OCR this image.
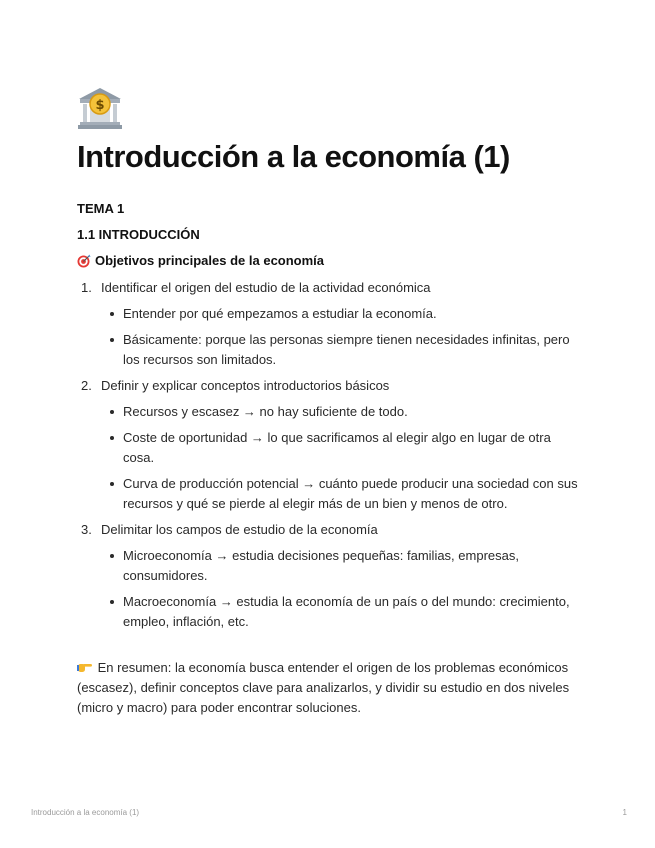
$
Introducción a la economía (1)
TEMA 1
1.1 INTRODUCCIÓN
Objetivos principales de la economía
1. Identificar el origen del estudio de la actividad económica
Entender por qué empezamos a estudiar la economía.
Básicamente: porque las personas siempre tienen necesidades infinitas, pero los recursos son limitados.
2. Definir y explicar conceptos introductorios básicos
Recursos y escasez → no hay suficiente de todo.
Coste de oportunidad → lo que sacrificamos al elegir algo en lugar de otra cosa.
Curva de producción potencial → cuánto puede producir una sociedad con sus recursos y qué se pierde al elegir más de un bien y menos de otro.
3. Delimitar los campos de estudio de la economía
Microeconomía → estudia decisiones pequeñas: familias, empresas, consumidores.
Macroeconomía → estudia la economía de un país o del mundo: crecimiento, empleo, inflación, etc.
En resumen: la economía busca entender el origen de los problemas económicos (escasez), definir conceptos clave para analizarlos, y dividir su estudio en dos niveles (micro y macro) para poder encontrar soluciones.
Introducción a la economía (1)	1
